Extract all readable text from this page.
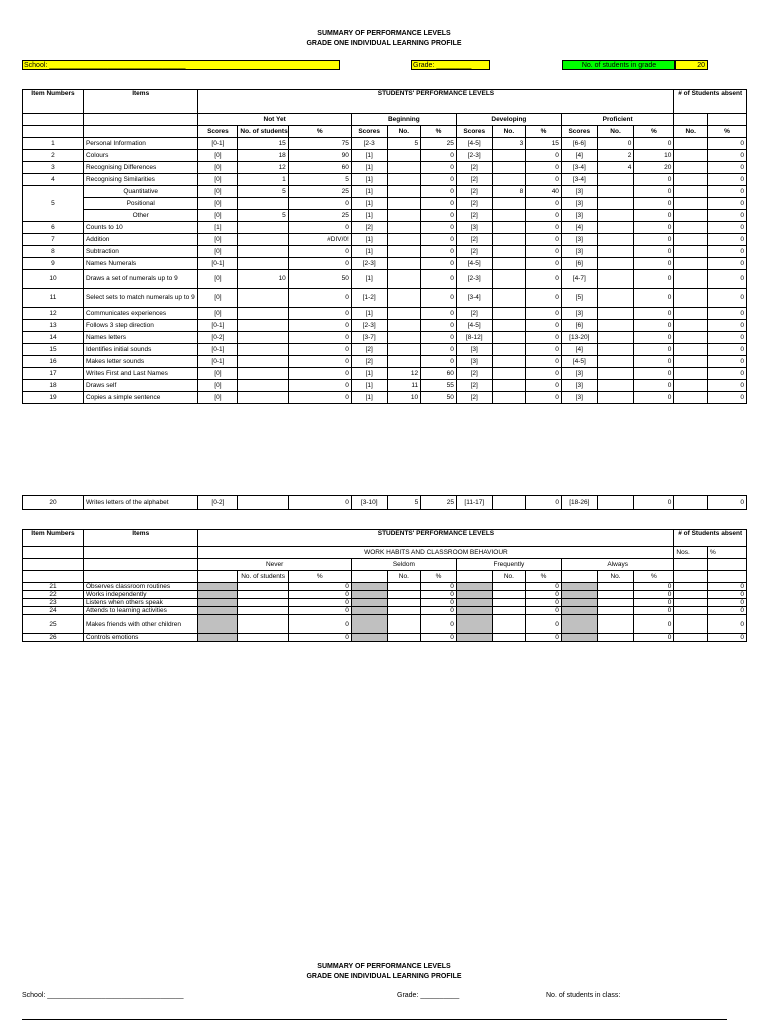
SUMMARY OF PERFORMANCE LEVELS
GRADE ONE INDIVIDUAL LEARNING PROFILE
School: ___________________________________	Grade: _________	No. of students in grade	20
Item Numbers	Items	STUDENTS' PERFORMANCE LEVELS												# of Students absent	
		Not Yet			Beginning			Developing			Proficient				
		Scores	No. of students	%	Scores	No.	%	Scores	No.	%	Scores	No.	%	No.	%
1	Personal Information	[0-1]	15	75	[2-3	5	25	[4-5]	3	15	[6-6]	0	0		0
2	Colours	[0]	18	90	[1]		0	[2-3]		0	[4]	2	10		0
3	Recognising Differences	[0]	12	60	[1]		0	[2]		0	[3-4]	4	20		0
4	Recognising Similarities	[0]	1	5	[1]		0	[2]		0	[3-4]		0		0
5	Quantitative	[0]	5	25	[1]		0	[2]	8	40	[3]		0		0
	Positional	[0]		0	[1]		0	[2]		0	[3]		0		0
	Other	[0]	5	25	[1]		0	[2]		0	[3]		0		0
6	Counts to 10	[1]		0	[2]		0	[3]		0	[4]		0		0
7	Addition	[0]		#DIV/0!	[1]		0	[2]		0	[3]		0		0
8	Subtraction	[0]		0	[1]		0	[2]		0	[3]		0		0
9	Names Numerals	[0-1]		0	[2-3]		0	[4-5]		0	[6]		0		0
10	Draws a set of numerals up to 9	[0]	10	50	[1]		0	[2-3]		0	[4-7]		0		0
11	Select sets to match numerals up to 9	[0]		0	[1-2]		0	[3-4]		0	[5]		0		0
12	Communicates experiences	[0]		0	[1]		0	[2]		0	[3]		0		0
13	Follows 3 step direction	[0-1]		0	[2-3]		0	[4-5]		0	[6]		0		0
14	Names letters	[0-2]		0	[3-7]		0	[8-12]		0	[13-20]		0		0
15	Identifies initial sounds	[0-1]		0	[2]		0	[3]		0	[4]		0		0
16	Makes letter sounds	[0-1]		0	[2]		0	[3]		0	[4-5]		0		0
17	Writes First and Last Names	[0]		0	[1]	12	60	[2]		0	[3]		0		0
18	Draws self	[0]		0	[1]	11	55	[2]		0	[3]		0		0
19	Copies a simple sentence	[0]		0	[1]	10	50	[2]		0	[3]		0		0
20	Writes letters of the alphabet	[0-2]		0	[3-10]	5	25	[11-17]		0	[18-26]		0		0
Item Numbers	Items	STUDENTS' PERFORMANCE LEVELS												# of Students absent	
		WORK HABITS AND CLASSROOM BEHAVIOUR												Nos.	%
		Never			Seldom			Frequently			Always				
			No. of students	%		No.	%		No.	%		No.	%		
21	Observes classroom routines			0			0			0			0		0
22	Works independently			0			0			0			0		0
23	Listens when others speak			0			0			0			0		0
24	Attends to learning activities			0			0			0			0		0
25	Makes friends with other children			0			0			0			0		0
26	Controls emotions			0			0			0			0		0
SUMMARY OF PERFORMANCE LEVELS
GRADE ONE INDIVIDUAL LEARNING PROFILE
School: ___________________________________	Grade: __________	No. of students in class:
